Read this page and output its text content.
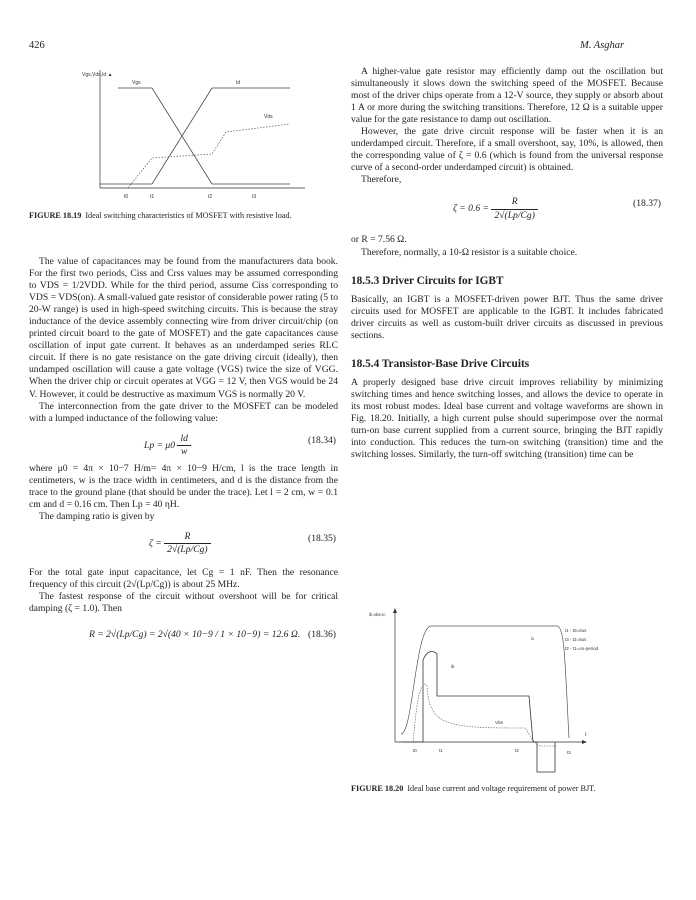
426	M. Asghar
Vgs,Vds,Id ▲
Vgs	Id
Vds
t0	t1	t2	t3
FIGURE 18.19 Ideal switching characteristics of MOSFET with resistive load.

The value of capacitances may be found from the manufacturers data book. For the first two periods, Ciss and Crss values may be assumed corresponding to VDS = 1/2VDD. While for the third period, assume Ciss corresponding to VDS = VDS(on). A small-valued gate resistor of considerable power rating (5 to 20-W range) is used in high-speed switching circuits. This is because the stray inductance of the device assembly connecting wire from driver circuit/chip (on printed circuit board to the gate of MOSFET) and the gate capacitances cause oscillation of input gate current. It behaves as an underdamped series RLC circuit. If there is no gate resistance on the gate driving circuit (ideally), then undamped oscillation will cause a gate voltage (VGS) twice the size of VGG. When the driver chip or circuit operates at VGG = 12 V, then VGS would be 24 V. However, it could be destructive as maximum VGS is normally 20 V.

The interconnection from the gate driver to the MOSFET can be modeled with a lumped inductance of the following value:

$Lp = \mu 0 \frac{ld}{w}$	(18.34)

where μ0 = 4π × 10−7 H/m= 4π × 10−9 H/cm, l is the trace length in centimeters, w is the trace width in centimeters, and d is the distance from the trace to the ground plane (that should be under the trace). Let l = 2 cm, w = 0.1 cm and d = 0.16 cm. Then Lp = 40 ηH.

The damping ratio is given by

$\zeta = \frac{R}{2√(Lp/Cg)}$	(18.35)

For the total gate input capacitance, let Cg = 1 nF. Then the resonance frequency of this circuit (2√(Lp/Cg)) is about 25 MHz.

The fastest response of the circuit without overshoot will be for critical damping (ζ = 1.0). Then

R = 2√(Lp/Cg) = 2√(40 × 10−9 / 1 × 10−9) = 12.6 Ω. (18.36)

A higher-value gate resistor may efficiently damp out the oscillation but simultaneously it slows down the switching speed of the MOSFET. Because most of the driver chips operate from a 12-V source, they supply or absorb about 1 A or more during the switching transitions. Therefore, 12 Ω is a suitable upper value for the gate resistance to damp out oscillation.

However, the gate drive circuit response will be faster when it is an underdamped circuit. Therefore, if a small overshoot, say, 10%, is allowed, then the corresponding value of ζ = 0.6 (which is found from the universal response curve of a second-order underdamped circuit) is obtained.

Therefore,

$\zeta = 0.6 = \frac{R}{2√(Lp/Cg)}$	(18.37)

or R = 7.56 Ω.

Therefore, normally, a 10-Ω resistor is a suitable choice.

18.5.3 Driver Circuits for IGBT

Basically, an IGBT is a MOSFET-driven power BJT. Thus the same driver circuits used for MOSFET are applicable to the IGBT. It includes fabricated driver circuits as well as custom-built driver circuits as discussed in previous sections.

18.5.4 Transistor-Base Drive Circuits

A properly designed base drive circuit improves reliability by minimizing switching times and hence switching losses, and allows the device to operate in its most robust modes. Ideal base current and voltage waveforms are shown in Fig. 18.20. Initially, a high current pulse should superimpose over the normal turn-on base current supplied from a current source, bringing the BJT rapidly into conduction. This reduces the turn-on switching (transition) time and the switching losses. Similarly, the turn-off switching (transition) time can be

ib,vbe,ic
t1 - t0=2us
t3 - t2=5us
t2 - t1=on-period
ic
ib
Vbe
t0	t1	t2	t3
t
FIGURE 18.20 Ideal base current and voltage requirement of power BJT.
